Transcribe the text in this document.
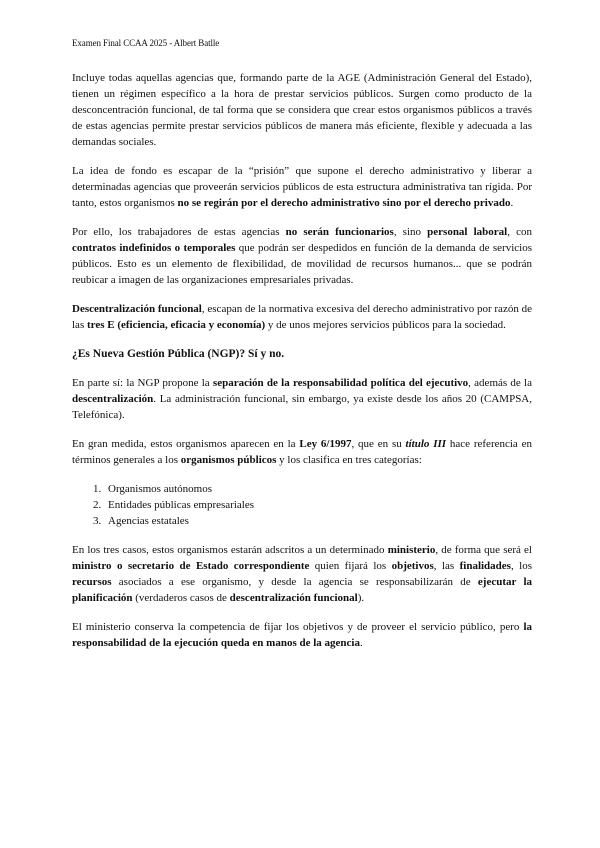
Examen Final CCAA 2025 - Albert Batlle

Incluye todas aquellas agencias que, formando parte de la AGE (Administración General del Estado), tienen un régimen específico a la hora de prestar servicios públicos. Surgen como producto de la desconcentración funcional, de tal forma que se considera que crear estos organismos públicos a través de estas agencias permite prestar servicios públicos de manera más eficiente, flexible y adecuada a las demandas sociales.

La idea de fondo es escapar de la “prisión” que supone el derecho administrativo y liberar a determinadas agencias que proveerán servicios públicos de esta estructura administrativa tan rígida. Por tanto, estos organismos no se regirán por el derecho administrativo sino por el derecho privado.

Por ello, los trabajadores de estas agencias no serán funcionarios, sino personal laboral, con contratos indefinidos o temporales que podrán ser despedidos en función de la demanda de servicios públicos. Esto es un elemento de flexibilidad, de movilidad de recursos humanos... que se podrán reubicar a imagen de las organizaciones empresariales privadas.

Descentralización funcional, escapan de la normativa excesiva del derecho administrativo por razón de las tres E (eficiencia, eficacia y economía) y de unos mejores servicios públicos para la sociedad.

¿Es Nueva Gestión Pública (NGP)? Sí y no.

En parte sí: la NGP propone la separación de la responsabilidad política del ejecutivo, además de la descentralización. La administración funcional, sin embargo, ya existe desde los años 20 (CAMPSA, Telefónica).

En gran medida, estos organismos aparecen en la Ley 6/1997, que en su título III hace referencia en términos generales a los organismos públicos y los clasifica en tres categorías:

1. Organismos autónomos
2. Entidades públicas empresariales
3. Agencias estatales

En los tres casos, estos organismos estarán adscritos a un determinado ministerio, de forma que será el ministro o secretario de Estado correspondiente quien fijará los objetivos, las finalidades, los recursos asociados a ese organismo, y desde la agencia se responsabilizarán de ejecutar la planificación (verdaderos casos de descentralización funcional).

El ministerio conserva la competencia de fijar los objetivos y de proveer el servicio público, pero la responsabilidad de la ejecución queda en manos de la agencia.
